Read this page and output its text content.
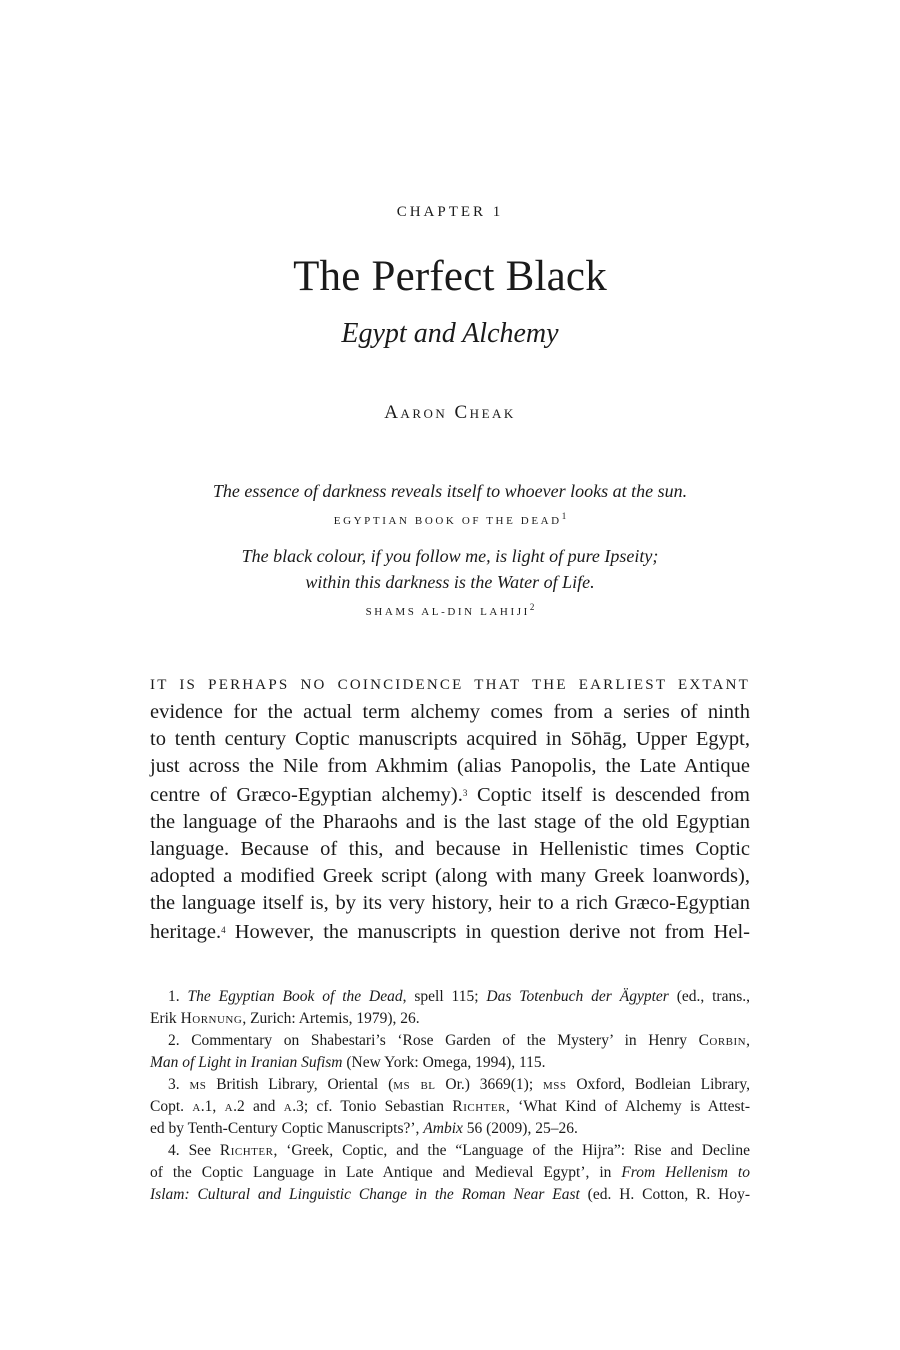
CHAPTER 1
The Perfect Black
Egypt and Alchemy
Aaron Cheak
The essence of darkness reveals itself to whoever looks at the sun.
EGYPTIAN BOOK OF THE DEAD$^1$
The black colour, if you follow me, is light of pure Ipseity;
within this darkness is the Water of Life.
SHAMS AL-DIN LAHIJI$^2$
IT IS PERHAPS NO COINCIDENCE THAT THE EARLIEST EXTANT
evidence for the actual term alchemy comes from a series of ninth
to tenth century Coptic manuscripts acquired in Sōhāg, Upper Egypt,
just across the Nile from Akhmim (alias Panopolis, the Late Antique
centre of Græco-Egyptian alchemy).$^3$ Coptic itself is descended from
the language of the Pharaohs and is the last stage of the old Egyptian
language. Because of this, and because in Hellenistic times Coptic
adopted a modified Greek script (along with many Greek loanwords),
the language itself is, by its very history, heir to a rich Græco-Egyptian
heritage.$^4$ However, the manuscripts in question derive not from Hel-
1. The Egyptian Book of the Dead, spell 115; Das Totenbuch der Ägypter (ed., trans.,
Erik Hornung, Zurich: Artemis, 1979), 26.
2. Commentary on Shabestari’s ‘Rose Garden of the Mystery’ in Henry Corbin,
Man of Light in Iranian Sufism (New York: Omega, 1994), 115.
3. ms British Library, Oriental (ms bl Or.) 3669(1); mss Oxford, Bodleian Library,
Copt. a.1, a.2 and a.3; cf. Tonio Sebastian Richter, ‘What Kind of Alchemy is Attest-
ed by Tenth-Century Coptic Manuscripts?’, Ambix 56 (2009), 25–26.
4. See Richter, ‘Greek, Coptic, and the “Language of the Hijra”: Rise and Decline
of the Coptic Language in Late Antique and Medieval Egypt’, in From Hellenism to
Islam: Cultural and Linguistic Change in the Roman Near East (ed. H. Cotton, R. Hoy-
